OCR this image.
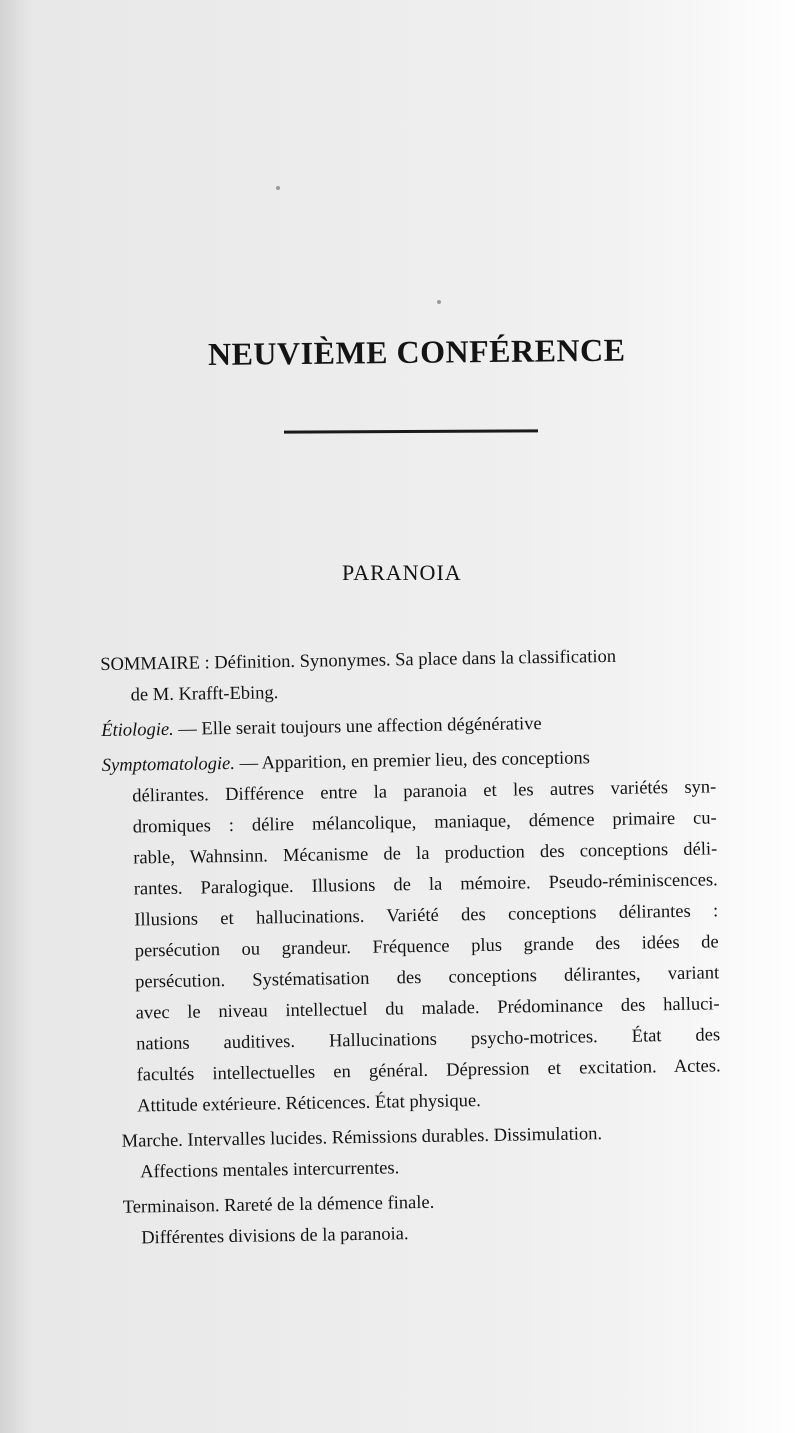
NEUVIÈME CONFÉRENCE
PARANOIA
SOMMAIRE : Définition. Synonymes. Sa place dans la classification
de M. Krafft-Ebing.
Étiologie. — Elle serait toujours une affection dégénérative
Symptomatologie. — Apparition, en premier lieu, des conceptions
délirantes. Différence entre la paranoia et les autres variétés syn-
dromiques : délire mélancolique, maniaque, démence primaire cu-
rable, Wahnsinn. Mécanisme de la production des conceptions déli-
rantes. Paralogique. Illusions de la mémoire. Pseudo-réminiscences.
Illusions et hallucinations. Variété des conceptions délirantes :
persécution ou grandeur. Fréquence plus grande des idées de
persécution. Systématisation des conceptions délirantes, variant
avec le niveau intellectuel du malade. Prédominance des halluci-
nations auditives. Hallucinations psycho-motrices. État des
facultés intellectuelles en général. Dépression et excitation. Actes.
Attitude extérieure. Réticences. État physique.
Marche. Intervalles lucides. Rémissions durables. Dissimulation.
Affections mentales intercurrentes.
Terminaison. Rareté de la démence finale.
Différentes divisions de la paranoia.
